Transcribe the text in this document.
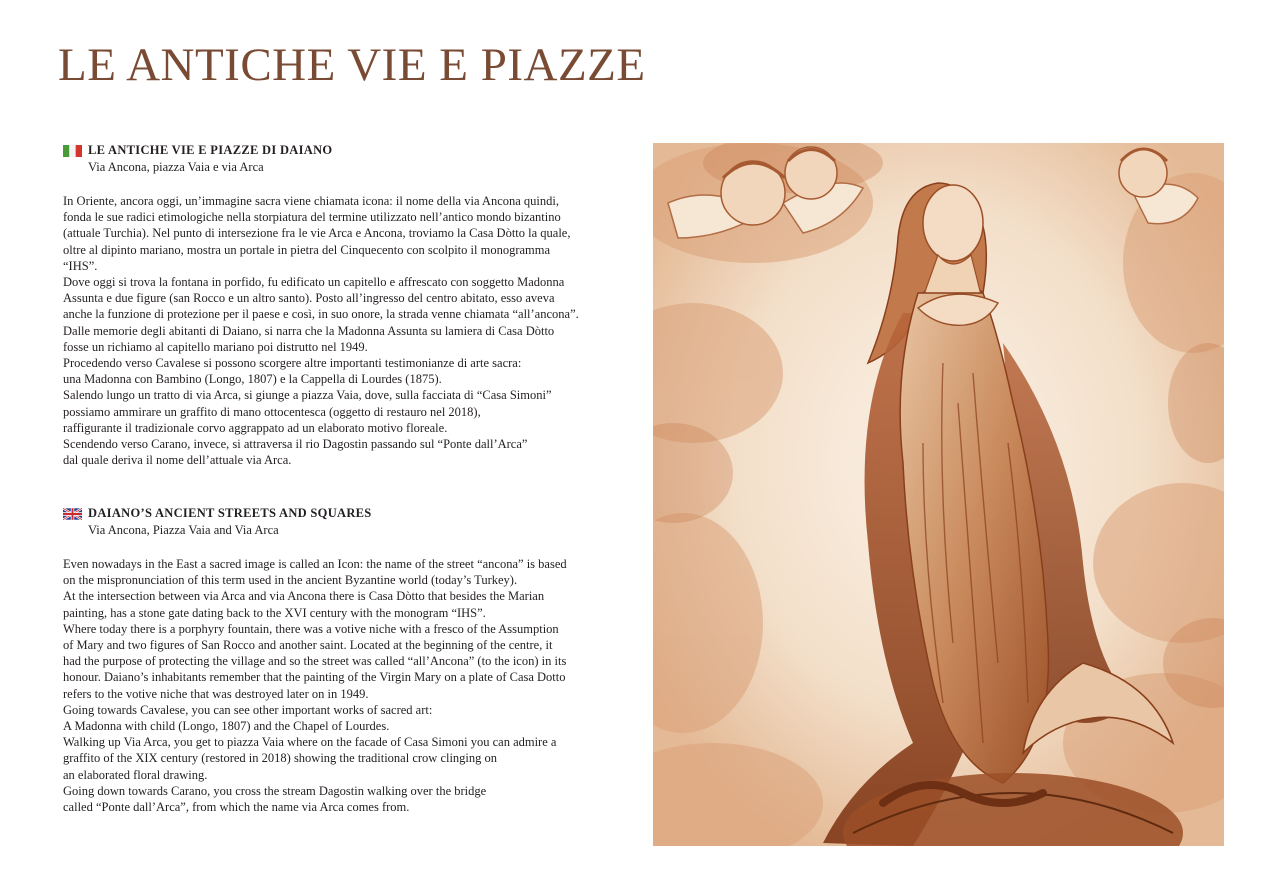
LE ANTICHE VIE E PIAZZE
LE ANTICHE VIE E PIAZZE DI DAIANO
Via Ancona, piazza Vaia e via Arca

In Oriente, ancora oggi, un’immagine sacra viene chiamata icona: il nome della via Ancona quindi,

fonda le sue radici etimologiche nella storpiatura del termine utilizzato nell’antico mondo bizantino

(attuale Turchia). Nel punto di intersezione fra le vie Arca e Ancona, troviamo la Casa Dòtto la quale,

oltre al dipinto mariano, mostra un portale in pietra del Cinquecento con scolpito il monogramma

“IHS”.

Dove oggi si trova la fontana in porfido, fu edificato un capitello e affrescato con soggetto Madonna

Assunta e due figure (san Rocco e un altro santo). Posto all’ingresso del centro abitato, esso aveva

anche la funzione di protezione per il paese e così, in suo onore, la strada venne chiamata “all’ancona”.

Dalle memorie degli abitanti di Daiano, si narra che la Madonna Assunta su lamiera di Casa Dòtto

fosse un richiamo al capitello mariano poi distrutto nel 1949.

Procedendo verso Cavalese si possono scorgere altre importanti testimonianze di arte sacra:

una Madonna con Bambino (Longo, 1807) e la Cappella di Lourdes (1875).

Salendo lungo un tratto di via Arca, si giunge a piazza Vaia, dove, sulla facciata di “Casa Simoni”

possiamo ammirare un graffito di mano ottocentesca (oggetto di restauro nel 2018),

raffigurante il tradizionale corvo aggrappato ad un elaborato motivo floreale.

Scendendo verso Carano, invece, si attraversa il rio Dagostin passando sul “Ponte dall’Arca”

dal quale deriva il nome dell’attuale via Arca.

DAIANO’S ANCIENT STREETS AND SQUARES
Via Ancona, Piazza Vaia and Via Arca

Even nowadays in the East a sacred image is called an Icon: the name of the street “ancona” is based

on the mispronunciation of this term used in the ancient Byzantine world (today’s Turkey).

At the intersection between via Arca and via Ancona there is Casa Dòtto that besides the Marian

painting, has a stone gate dating back to the XVI century with the monogram “IHS”.

Where today there is a porphyry fountain, there was a votive niche with a fresco of the Assumption

of Mary and two figures of San Rocco and another saint. Located at the beginning of the centre, it

had the purpose of protecting the village and so the street was called “all’Ancona” (to the icon) in its

honour. Daiano’s inhabitants remember that the painting of the Virgin Mary on a plate of Casa Dotto

refers to the votive niche that was destroyed later on in 1949.

Going towards Cavalese, you can see other important works of sacred art:

A Madonna with child (Longo, 1807) and the Chapel of Lourdes.

Walking up Via Arca, you get to piazza Vaia where on the facade of Casa Simoni you can admire a

graffito of the XIX century (restored in 2018) showing the traditional crow clinging on

an elaborated floral drawing.

Going down towards Carano, you cross the stream Dagostin walking over the bridge

called “Ponte dall’Arca”, from which the name via Arca comes from.
